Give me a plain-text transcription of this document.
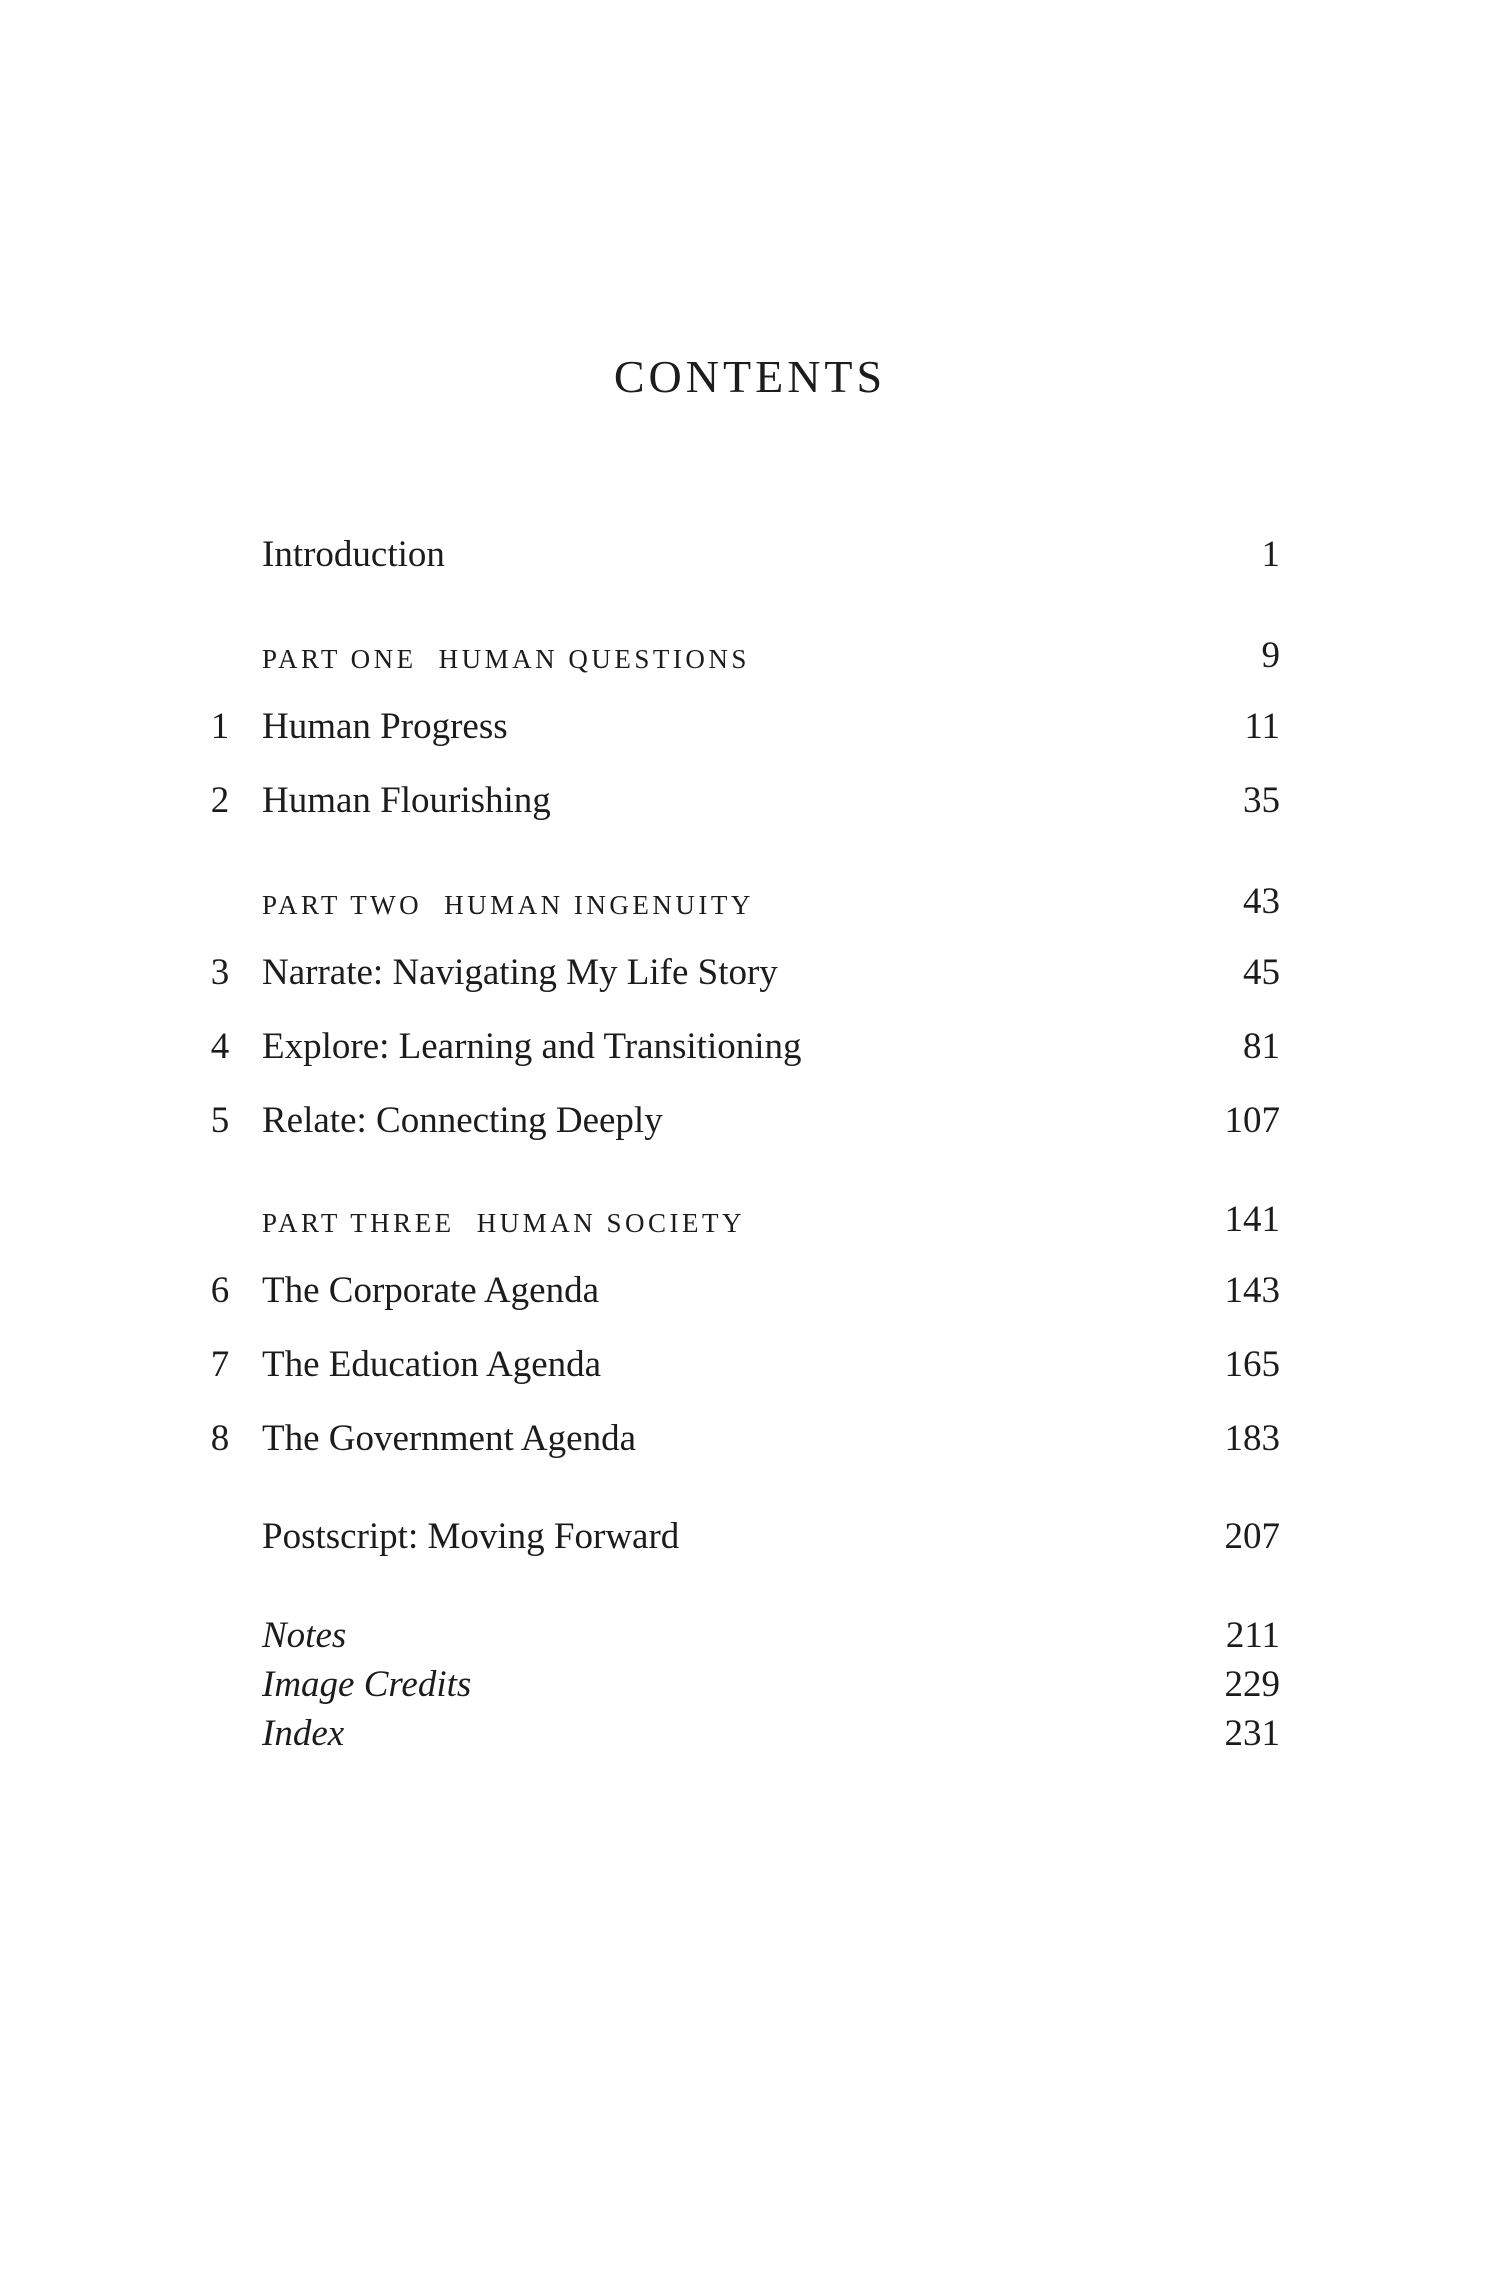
CONTENTS
Introduction	1
PART ONE HUMAN QUESTIONS	9
1 Human Progress	11
2 Human Flourishing	35
PART TWO HUMAN INGENUITY	43
3 Narrate: Navigating My Life Story	45
4 Explore: Learning and Transitioning	81
5 Relate: Connecting Deeply	107
PART THREE HUMAN SOCIETY	141
6 The Corporate Agenda	143
7 The Education Agenda	165
8 The Government Agenda	183
Postscript: Moving Forward	207
Notes	211
Image Credits	229
Index	231
